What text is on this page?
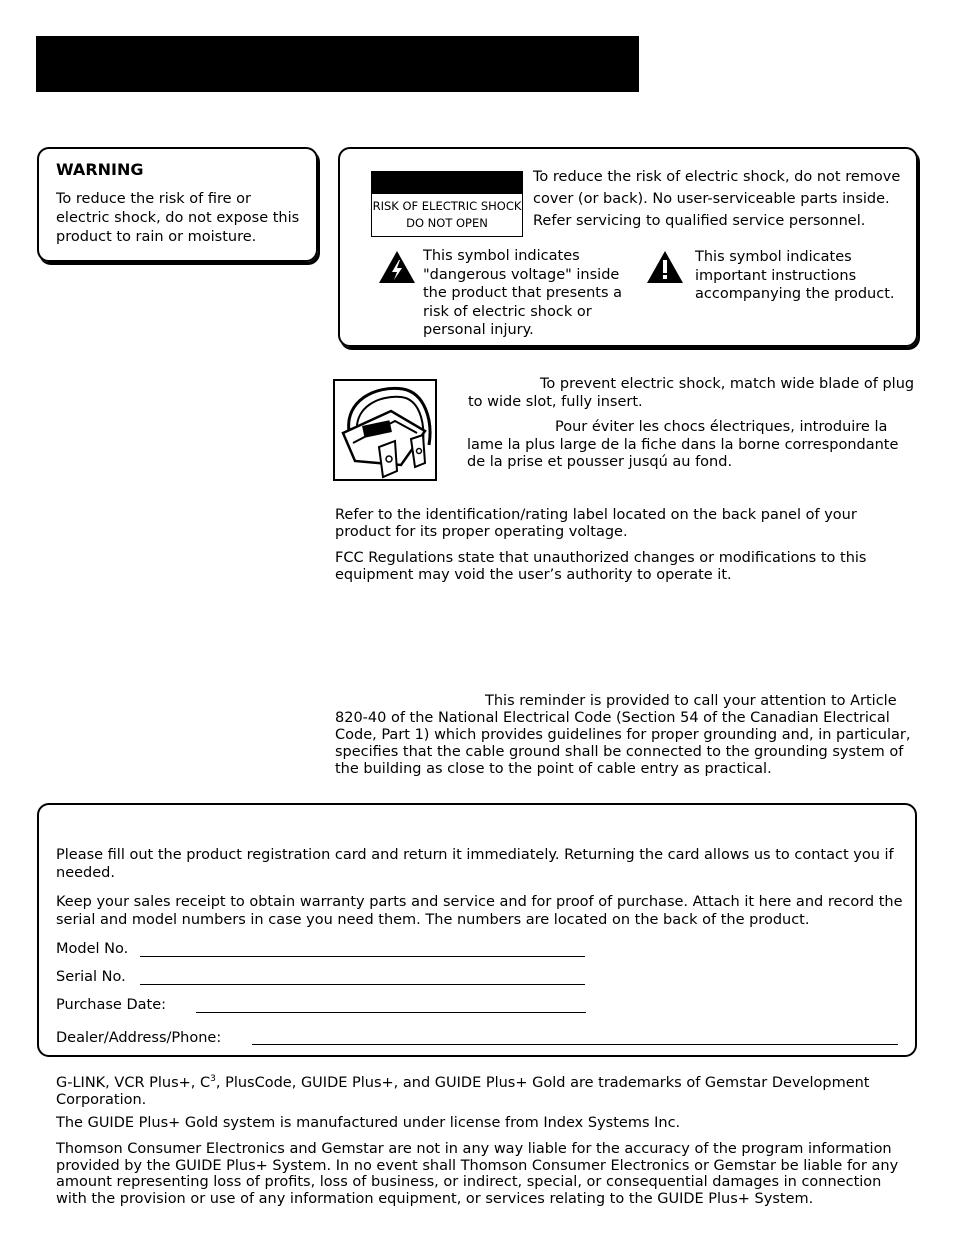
WARNING
To reduce the risk of fire or electric shock, do not expose this product to rain or moisture.
RISK OF ELECTRIC SHOCK
DO NOT OPEN
To reduce the risk of electric shock, do not remove cover (or back). No user-serviceable parts inside. Refer servicing to qualified service personnel.
This symbol indicates "dangerous voltage" inside the product that presents a risk of electric shock or personal injury.
This symbol indicates important instructions accompanying the product.
To prevent electric shock, match wide blade of plug to wide slot, fully insert.
Pour éviter les chocs électriques, introduire la lame la plus large de la fiche dans la borne correspondante de la prise et pousser jusqú au fond.
Refer to the identification/rating label located on the back panel of your product for its proper operating voltage.
FCC Regulations state that unauthorized changes or modifications to this equipment may void the user’s authority to operate it.
This reminder is provided to call your attention to Article 820-40 of the National Electrical Code (Section 54 of the Canadian Electrical Code, Part 1) which provides guidelines for proper grounding and, in particular, specifies that the cable ground shall be connected to the grounding system of the building as close to the point of cable entry as practical.
Please fill out the product registration card and return it immediately. Returning the card allows us to contact you if needed.
Keep your sales receipt to obtain warranty parts and service and for proof of purchase. Attach it here and record the serial and model numbers in case you need them. The numbers are located on the back of the product.
Model No.
Serial No.
Purchase Date:
Dealer/Address/Phone:
G-LINK, VCR Plus+, $C^3$, PlusCode, GUIDE Plus+, and GUIDE Plus+ Gold are trademarks of Gemstar Development Corporation.
The GUIDE Plus+ Gold system is manufactured under license from Index Systems Inc.
Thomson Consumer Electronics and Gemstar are not in any way liable for the accuracy of the program information provided by the GUIDE Plus+ System. In no event shall Thomson Consumer Electronics or Gemstar be liable for any amount representing loss of profits, loss of business, or indirect, special, or consequential damages in connection with the provision or use of any information equipment, or services relating to the GUIDE Plus+ System.
